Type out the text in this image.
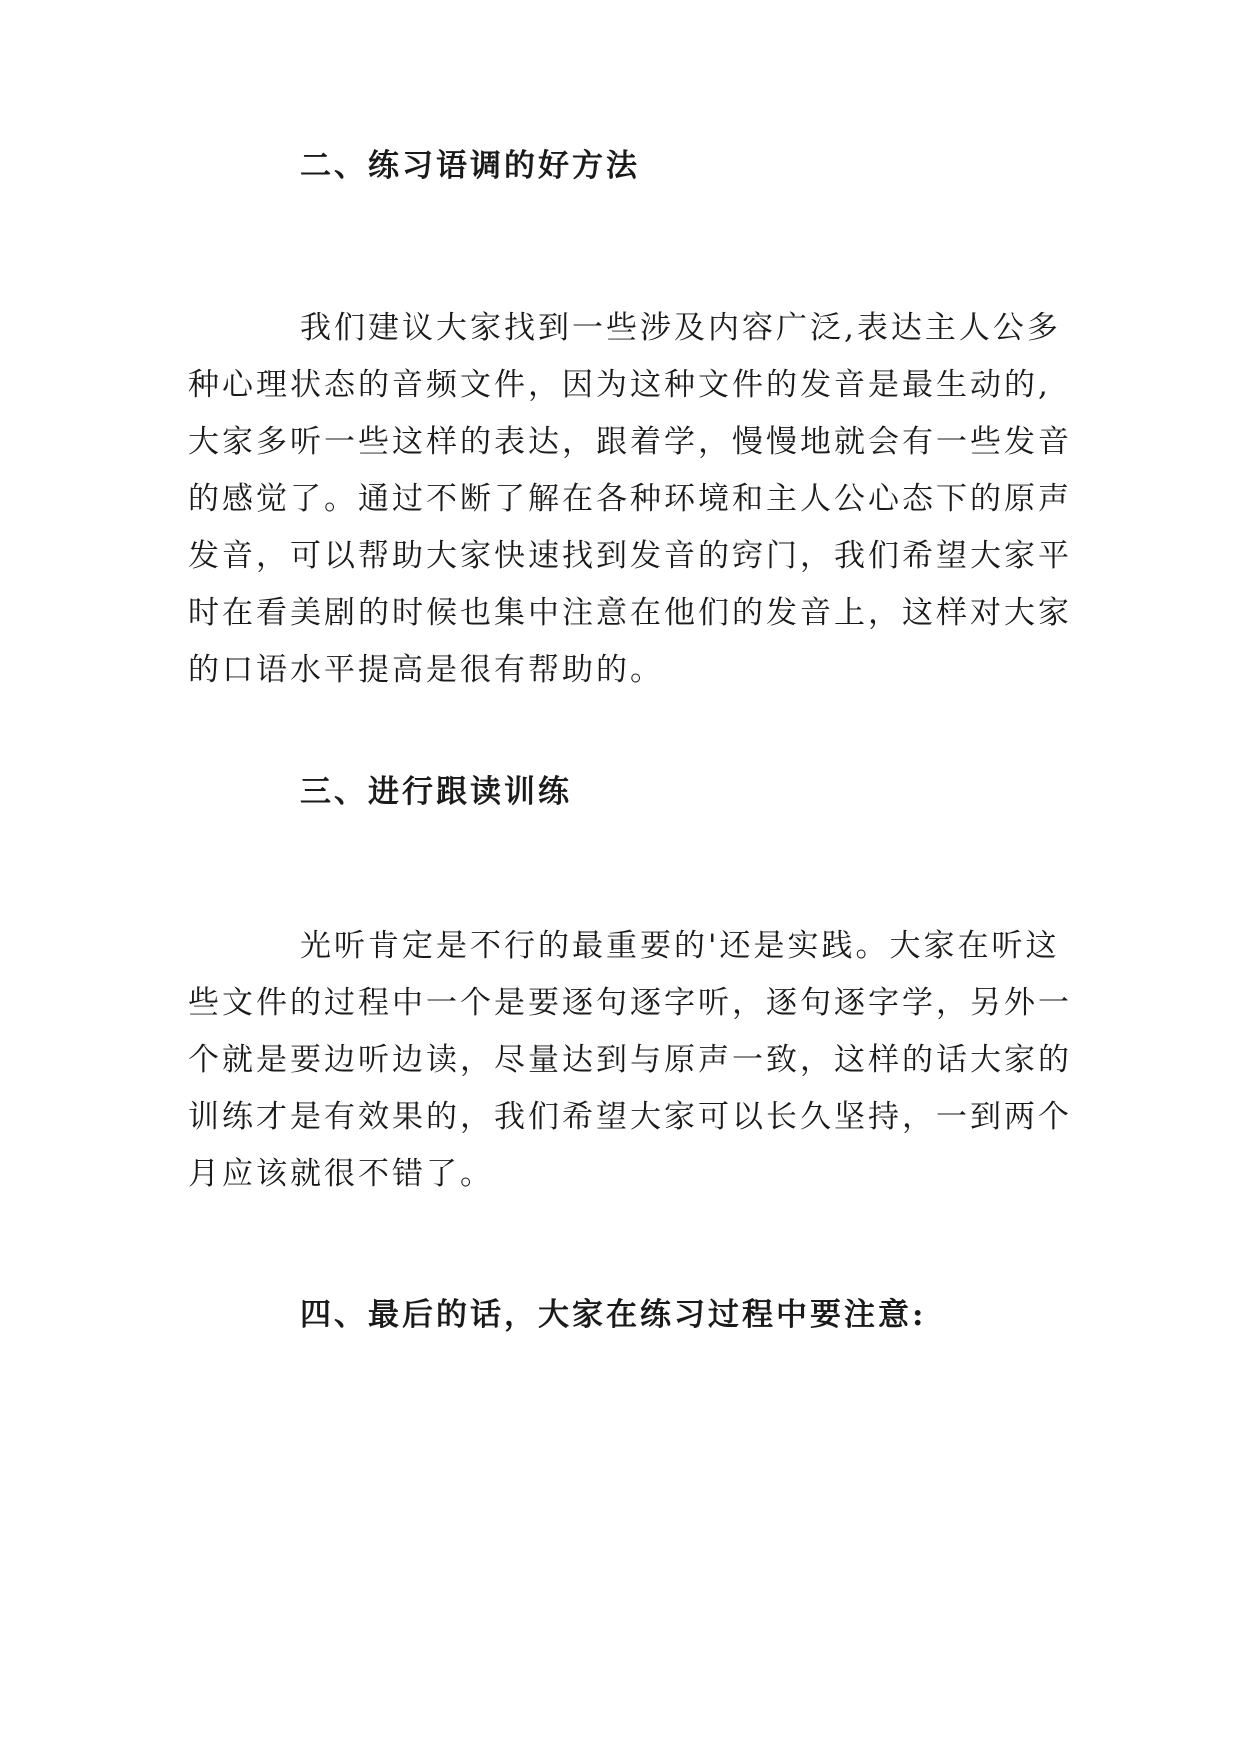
二、练习语调的好方法
我们建议大家找到一些涉及内容广泛,表达主人公多
种心理状态的音频文件，因为这种文件的发音是最生动的,
大家多听一些这样的表达，跟着学，慢慢地就会有一些发音
的感觉了。通过不断了解在各种环境和主人公心态下的原声
发音，可以帮助大家快速找到发音的窍门，我们希望大家平
时在看美剧的时候也集中注意在他们的发音上，这样对大家
的口语水平提高是很有帮助的。
三、进行跟读训练
光听肯定是不行的最重要的'还是实践。大家在听这
些文件的过程中一个是要逐句逐字听，逐句逐字学，另外一
个就是要边听边读，尽量达到与原声一致，这样的话大家的
训练才是有效果的，我们希望大家可以长久坚持，一到两个
月应该就很不错了。
四、最后的话，大家在练习过程中要注意:
